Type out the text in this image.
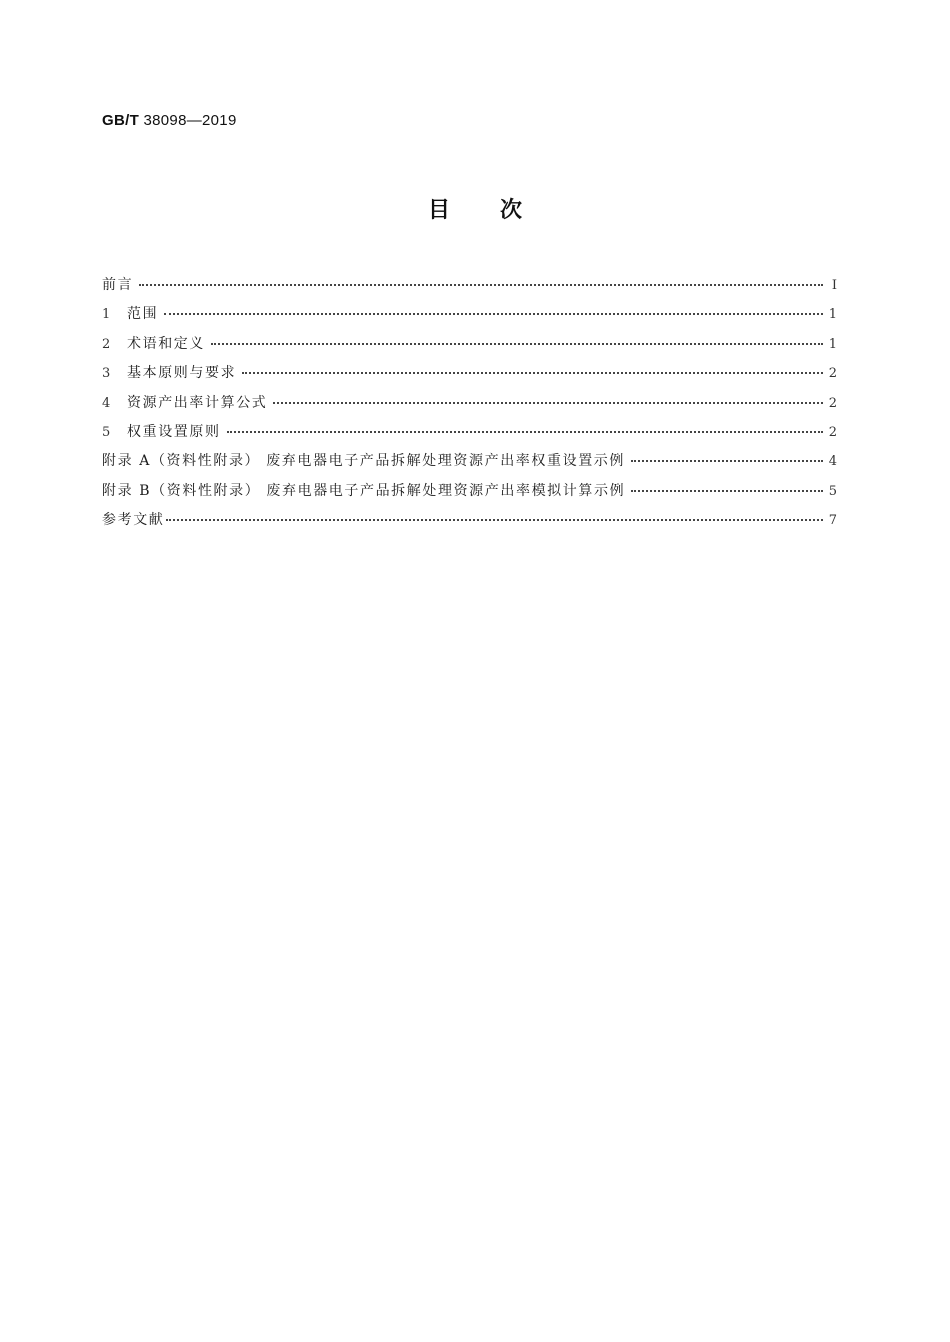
GB/T 38098—2019
目次
前言	Ⅰ
1	范围	1
2	术语和定义	1
3	基本原则与要求	2
4	资源产出率计算公式	2
5	权重设置原则	2
附录 A（资料性附录） 废弃电器电子产品拆解处理资源产出率权重设置示例	4
附录 B（资料性附录） 废弃电器电子产品拆解处理资源产出率模拟计算示例	5
参考文献	7
